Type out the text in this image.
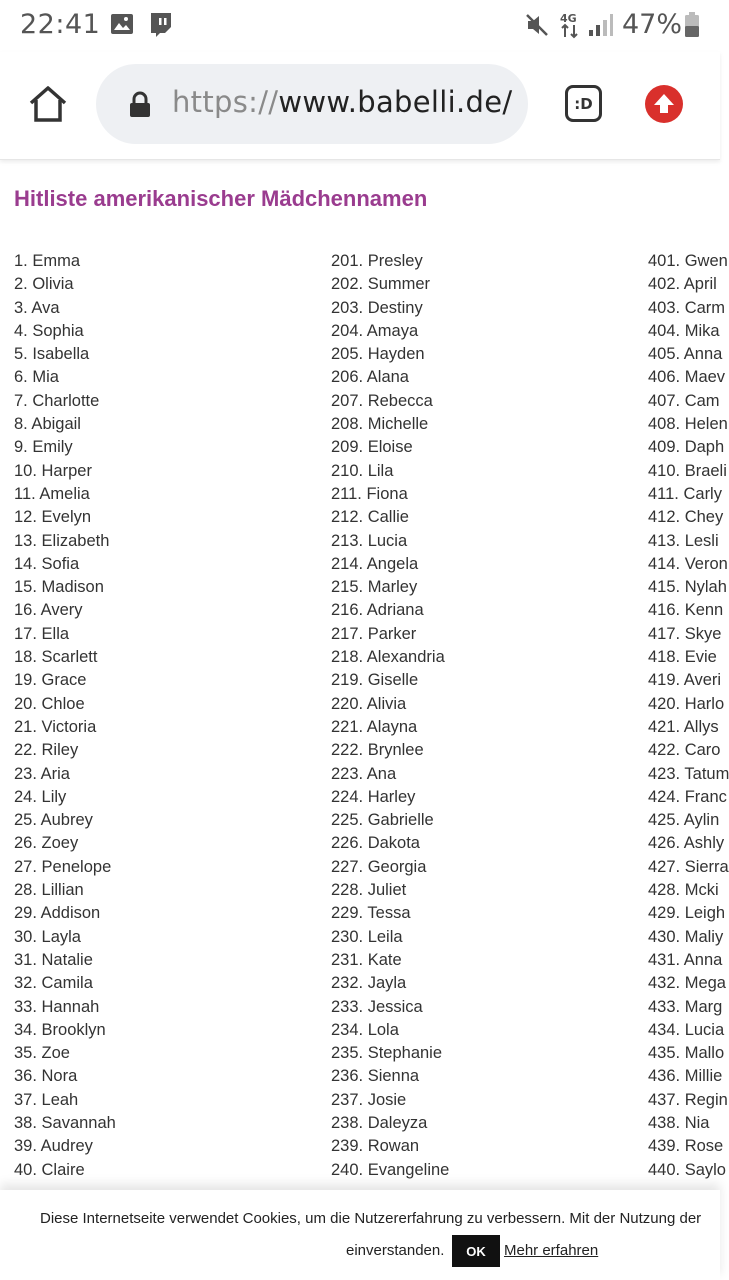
22:41	4G 47%
https://www.babelli.de/	:D
Hitliste amerikanischer Mädchennamen
1. Emma
2. Olivia
3. Ava
4. Sophia
5. Isabella
6. Mia
7. Charlotte
8. Abigail
9. Emily
10. Harper
11. Amelia
12. Evelyn
13. Elizabeth
14. Sofia
15. Madison
16. Avery
17. Ella
18. Scarlett
19. Grace
20. Chloe
21. Victoria
22. Riley
23. Aria
24. Lily
25. Aubrey
26. Zoey
27. Penelope
28. Lillian
29. Addison
30. Layla
31. Natalie
32. Camila
33. Hannah
34. Brooklyn
35. Zoe
36. Nora
37. Leah
38. Savannah
39. Audrey
40. Claire
201. Presley
202. Summer
203. Destiny
204. Amaya
205. Hayden
206. Alana
207. Rebecca
208. Michelle
209. Eloise
210. Lila
211. Fiona
212. Callie
213. Lucia
214. Angela
215. Marley
216. Adriana
217. Parker
218. Alexandria
219. Giselle
220. Alivia
221. Alayna
222. Brynlee
223. Ana
224. Harley
225. Gabrielle
226. Dakota
227. Georgia
228. Juliet
229. Tessa
230. Leila
231. Kate
232. Jayla
233. Jessica
234. Lola
235. Stephanie
236. Sienna
237. Josie
238. Daleyza
239. Rowan
240. Evangeline
401. Gwen
402. April
403. Carm
404. Mika
405. Anna
406. Maev
407. Cam
408. Helen
409. Daph
410. Braeli
411. Carly
412. Chey
413. Lesli
414. Veron
415. Nylah
416. Kenn
417. Skye
418. Evie
419. Averi
420. Harlo
421. Allys
422. Caro
423. Tatum
424. Franc
425. Aylin
426. Ashly
427. Sierra
428. Mcki
429. Leigh
430. Maliy
431. Anna
432. Mega
433. Marg
434. Lucia
435. Mallo
436. Millie
437. Regin
438. Nia
439. Rose
440. Saylo
Diese Internetseite verwendet Cookies, um die Nutzererfahrung zu verbessern. Mit der Nutzung der
einverstanden.	OK	Mehr erfahren
